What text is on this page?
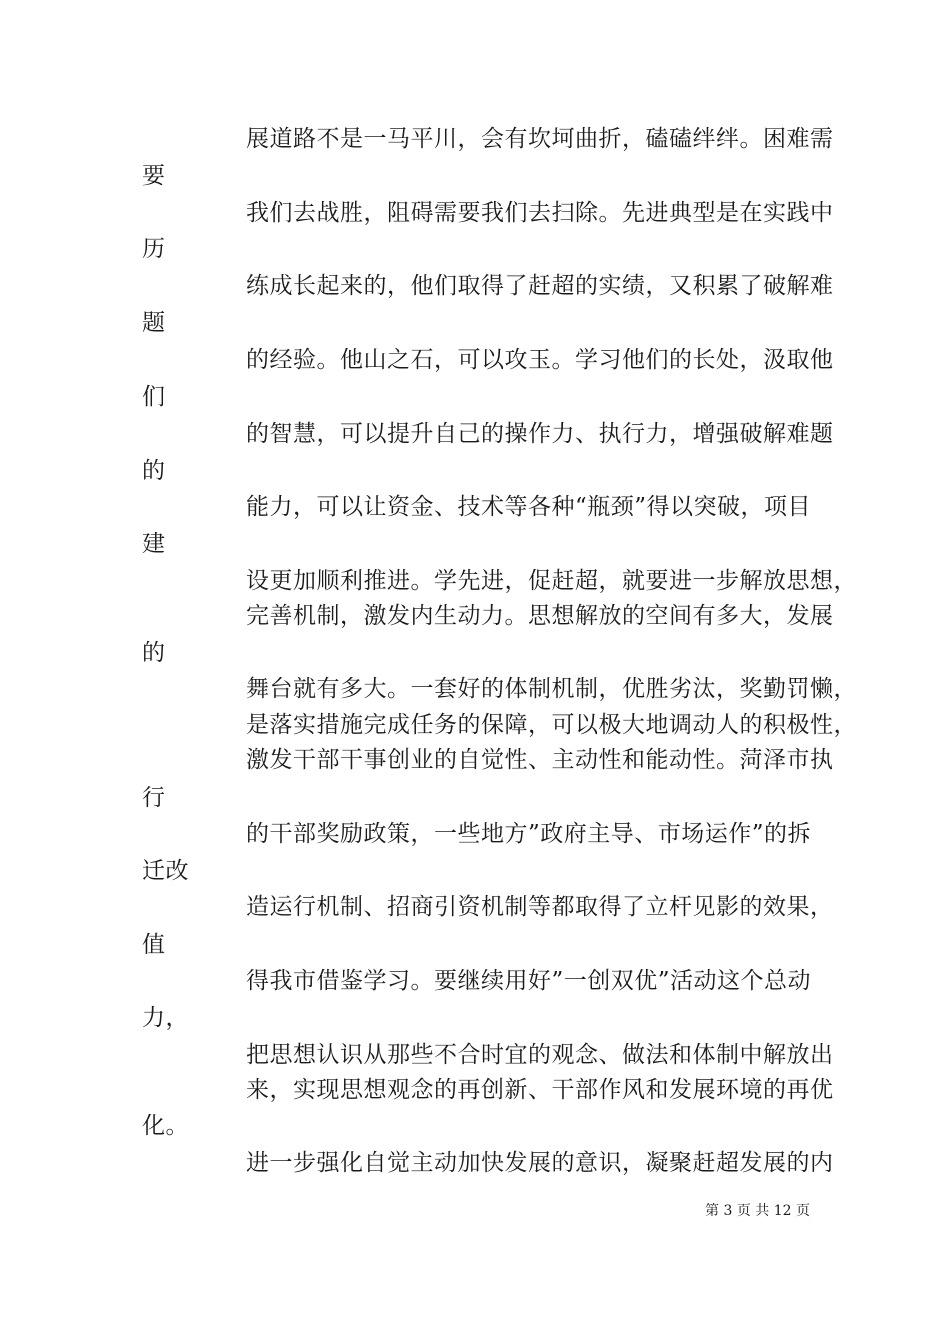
展道路不是一马平川，会有坎坷曲折，磕磕绊绊。困难需
要
我们去战胜，阻碍需要我们去扫除。先进典型是在实践中
历
练成长起来的，他们取得了赶超的实绩，又积累了破解难
题
的经验。他山之石，可以攻玉。学习他们的长处，汲取他
们
的智慧，可以提升自己的操作力、执行力，增强破解难题
的
能力，可以让资金、技术等各种“瓶颈”得以突破，项目
建
设更加顺利推进。学先进，促赶超，就要进一步解放思想，
完善机制，激发内生动力。思想解放的空间有多大，发展
的
舞台就有多大。一套好的体制机制，优胜劣汰，奖勤罚懒，
是落实措施完成任务的保障，可以极大地调动人的积极性，
激发干部干事创业的自觉性、主动性和能动性。菏泽市执
行
的干部奖励政策，一些地方”政府主导、市场运作”的拆
迁改
造运行机制、招商引资机制等都取得了立杆见影的效果，
值
得我市借鉴学习。要继续用好”一创双优”活动这个总动
力，
把思想认识从那些不合时宜的观念、做法和体制中解放出
来，实现思想观念的再创新、干部作风和发展环境的再优
化。
进一步强化自觉主动加快发展的意识，凝聚赶超发展的内
第 3 页 共 12 页
